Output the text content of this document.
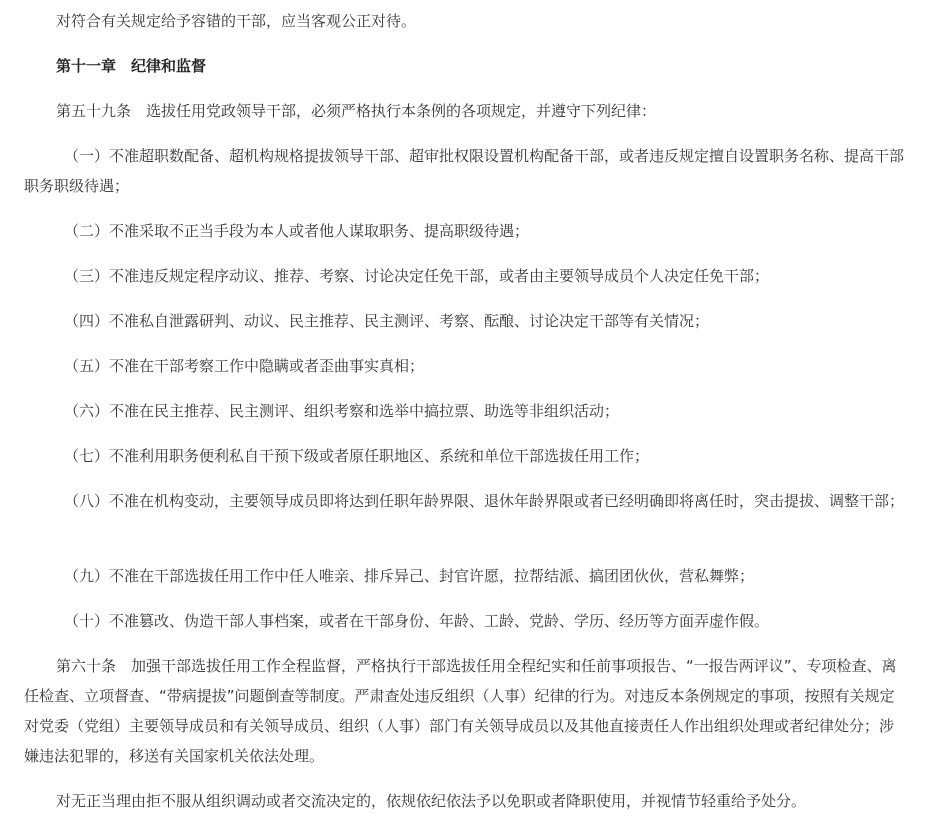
对符合有关规定给予容错的干部，应当客观公正对待。
第十一章　纪律和监督
第五十九条　选拔任用党政领导干部，必须严格执行本条例的各项规定，并遵守下列纪律：
（一）不准超职数配备、超机构规格提拔领导干部、超审批权限设置机构配备干部，或者违反规定擅自设置职务名称、提高干部职务职级待遇；
（二）不准采取不正当手段为本人或者他人谋取职务、提高职级待遇；
（三）不准违反规定程序动议、推荐、考察、讨论决定任免干部，或者由主要领导成员个人决定任免干部；
（四）不准私自泄露研判、动议、民主推荐、民主测评、考察、酝酿、讨论决定干部等有关情况；
（五）不准在干部考察工作中隐瞒或者歪曲事实真相；
（六）不准在民主推荐、民主测评、组织考察和选举中搞拉票、助选等非组织活动；
（七）不准利用职务便利私自干预下级或者原任职地区、系统和单位干部选拔任用工作；
（八）不准在机构变动，主要领导成员即将达到任职年龄界限、退休年龄界限或者已经明确即将离任时，突击提拔、调整干部；
（九）不准在干部选拔任用工作中任人唯亲、排斥异己、封官许愿，拉帮结派、搞团团伙伙，营私舞弊；
（十）不准篡改、伪造干部人事档案，或者在干部身份、年龄、工龄、党龄、学历、经历等方面弄虚作假。
第六十条　加强干部选拔任用工作全程监督，严格执行干部选拔任用全程纪实和任前事项报告、“一报告两评议”、专项检查、离任检查、立项督查、“带病提拔”问题倒查等制度。严肃查处违反组织（人事）纪律的行为。对违反本条例规定的事项，按照有关规定对党委（党组）主要领导成员和有关领导成员、组织（人事）部门有关领导成员以及其他直接责任人作出组织处理或者纪律处分；涉嫌违法犯罪的，移送有关国家机关依法处理。
对无正当理由拒不服从组织调动或者交流决定的，依规依纪依法予以免职或者降职使用，并视情节轻重给予处分。
